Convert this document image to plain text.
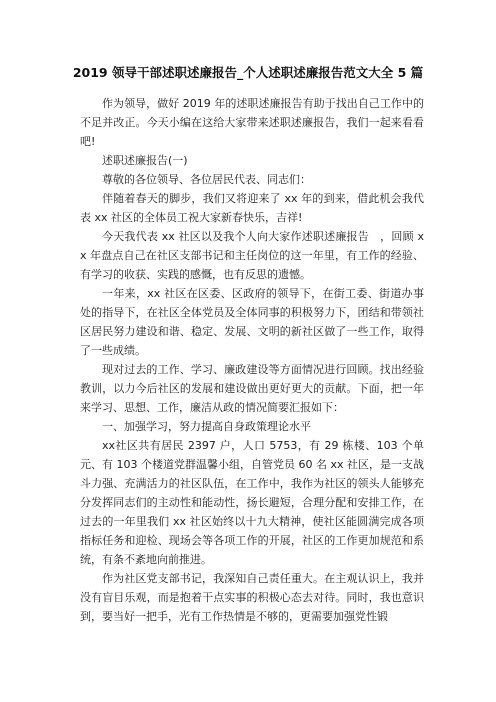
2019 领导干部述职述廉报告_个人述职述廉报告范文大全 5 篇

作为领导，做好 2019 年的述职述廉报告有助于找出自己工作中的不足并改正。今天小编在这给大家带来述职述廉报告，我们一起来看看吧!

述职述廉报告(一)

尊敬的各位领导、各位居民代表、同志们：

伴随着春天的脚步，我们又将迎来了 xx 年的到来，借此机会我代表 xx 社区的全体员工祝大家新春快乐，吉祥!

今天我代表 xx 社区以及我个人向大家作述职述廉报告　，回顾 xx 年盘点自己在社区支部书记和主任岗位的这一年里，有工作的经验、有学习的收获、实践的感慨，也有反思的遗憾。

一年来，xx 社区在区委、区政府的领导下，在街工委、街道办事处的指导下，在社区全体党员及全体同事的积极努力下，团结和带领社区居民努力建设和谐、稳定、发展、文明的新社区做了一些工作，取得了一些成绩。

现对过去的工作、学习、廉政建设等方面情况进行回顾。找出经验教训，以力今后社区的发展和建设做出更好更大的贡献。下面，把一年来学习、思想、工作，廉洁从政的情况简要汇报如下：

一、加强学习，努力提高自身政策理论水平

xx社区共有居民 2397 户，人口 5753，有 29 栋楼、103 个单元、有 103 个楼道党群温馨小组，自管党员 60 名 xx 社区，是一支战斗力强、充满活力的社区队伍，在工作中，我作为社区的领头人能够充分发挥同志们的主动性和能动性，扬长避短，合理分配和安排工作，在过去的一年里我们 xx 社区始终以十九大精神，使社区能圆满完成各项指标任务和迎检、现场会等各项工作的开展，社区的工作更加规范和系统，有条不紊地向前推进。

作为社区党支部书记，我深知自己责任重大。在主观认识上，我并没有盲目乐观，而是抱着干点实事的积极心态去对待。同时，我也意识到，要当好一把手，光有工作热情是不够的，更需要加强党性锻
